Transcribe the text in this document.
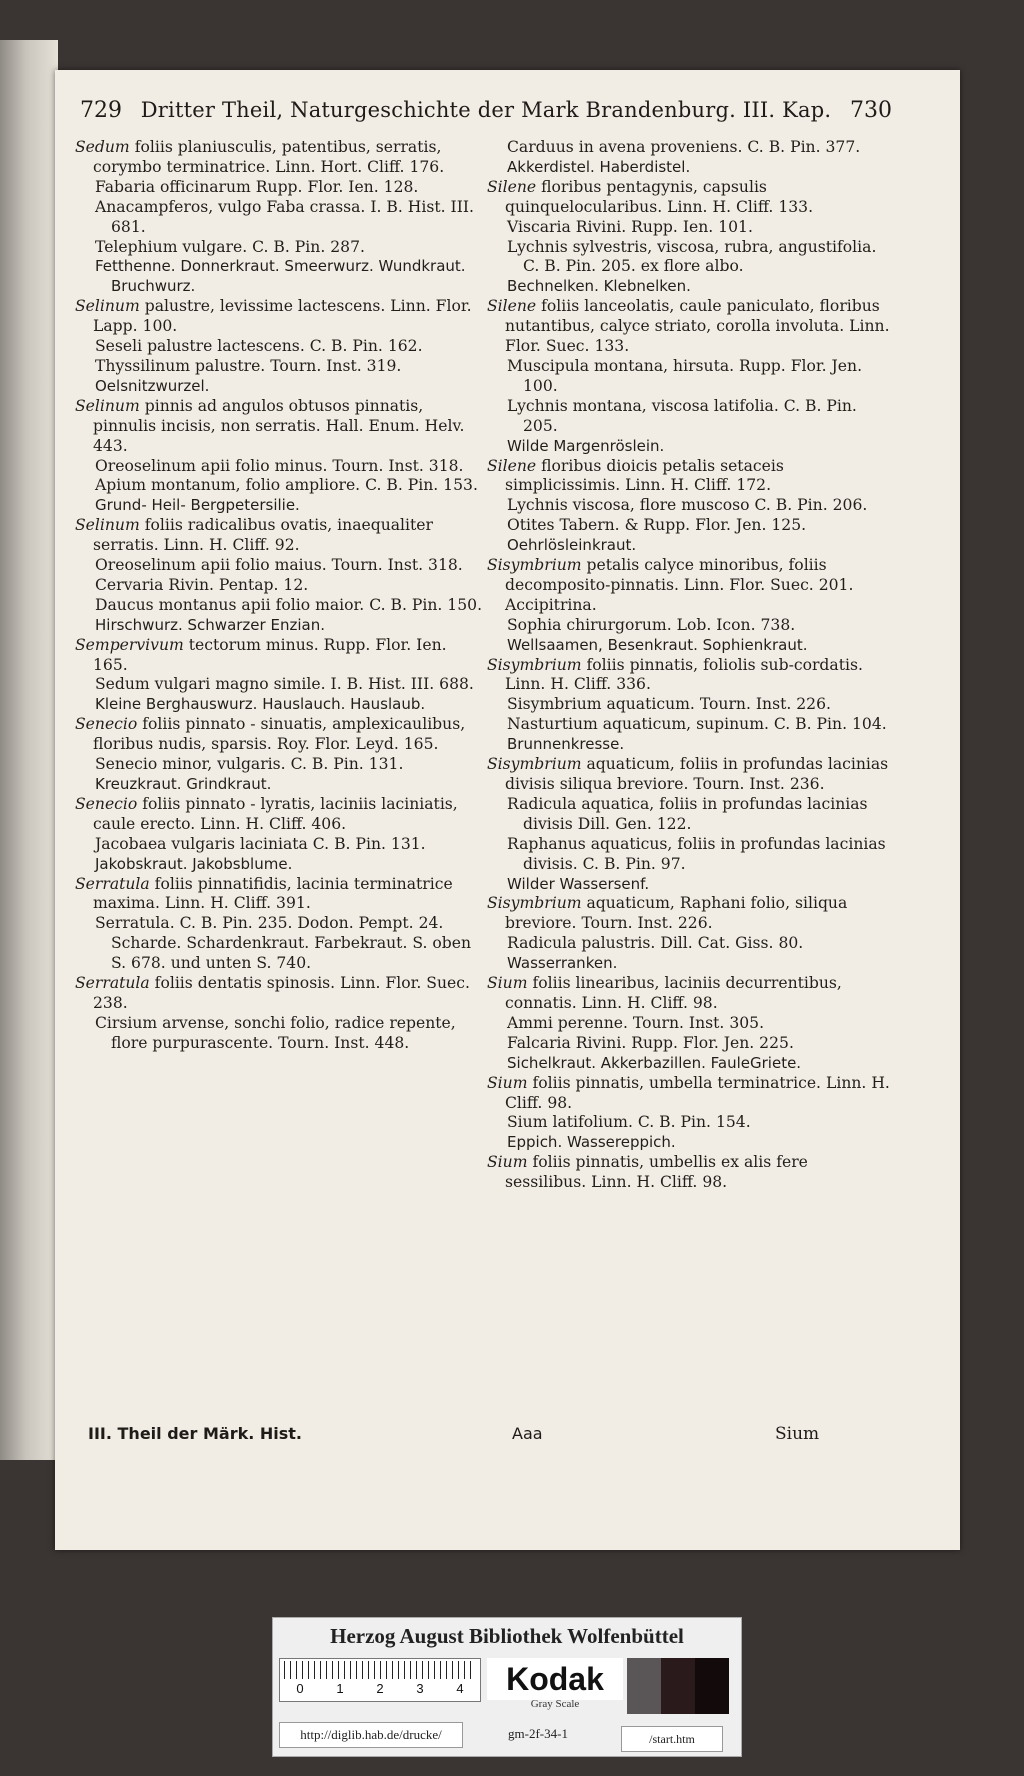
729 Dritter Theil, Naturgeschichte der Mark Brandenburg. III. Kap. 730

Sedum foliis planiusculis, patentibus, serratis, corymbo terminatrice. Linn. Hort. Cliff. 176.

Fabaria officinarum Rupp. Flor. Ien. 128.

Anacampferos, vulgo Faba crassa. I. B. Hist. III. 681.

Telephium vulgare. C. B. Pin. 287.

Fetthenne. Donnerkraut. Smeerwurz. Wundkraut. Bruchwurz.

Selinum palustre, levissime lactescens. Linn. Flor. Lapp. 100.

Seseli palustre lactescens. C. B. Pin. 162.

Thyssilinum palustre. Tourn. Inst. 319.

Oelsnitzwurzel.

Selinum pinnis ad angulos obtusos pinnatis, pinnulis incisis, non serratis. Hall. Enum. Helv. 443.

Oreoselinum apii folio minus. Tourn. Inst. 318.

Apium montanum, folio ampliore. C. B. Pin. 153.

Grund- Heil- Bergpetersilie.

Selinum foliis radicalibus ovatis, inaequaliter serratis. Linn. H. Cliff. 92.

Oreoselinum apii folio maius. Tourn. Inst. 318.

Cervaria Rivin. Pentap. 12.

Daucus montanus apii folio maior. C. B. Pin. 150.

Hirschwurz. Schwarzer Enzian.

Sempervivum tectorum minus. Rupp. Flor. Ien. 165.

Sedum vulgari magno simile. I. B. Hist. III. 688.

Kleine Berghauswurz. Hauslauch. Hauslaub.

Senecio foliis pinnato - sinuatis, amplexicaulibus, floribus nudis, sparsis. Roy. Flor. Leyd. 165.

Senecio minor, vulgaris. C. B. Pin. 131.

Kreuzkraut. Grindkraut.

Senecio foliis pinnato - lyratis, laciniis laciniatis, caule erecto. Linn. H. Cliff. 406.

Jacobaea vulgaris laciniata C. B. Pin. 131.

Jakobskraut. Jakobsblume.

Serratula foliis pinnatifidis, lacinia terminatrice maxima. Linn. H. Cliff. 391.

Serratula. C. B. Pin. 235. Dodon. Pempt. 24. Scharde. Schardenkraut. Farbekraut. S. oben S. 678. und unten S. 740.

Serratula foliis dentatis spinosis. Linn. Flor. Suec. 238.

Cirsium arvense, sonchi folio, radice repente, flore purpurascente. Tourn. Inst. 448.

Carduus in avena proveniens. C. B. Pin. 377.

Akkerdistel. Haberdistel.

Silene floribus pentagynis, capsulis quinquelocularibus. Linn. H. Cliff. 133.

Viscaria Rivini. Rupp. Ien. 101.

Lychnis sylvestris, viscosa, rubra, angustifolia. C. B. Pin. 205. ex flore albo.

Bechnelken. Klebnelken.

Silene foliis lanceolatis, caule paniculato, floribus nutantibus, calyce striato, corolla involuta. Linn. Flor. Suec. 133.

Muscipula montana, hirsuta. Rupp. Flor. Jen. 100.

Lychnis montana, viscosa latifolia. C. B. Pin. 205.

Wilde Margenröslein.

Silene floribus dioicis petalis setaceis simplicissimis. Linn. H. Cliff. 172.

Lychnis viscosa, flore muscoso C. B. Pin. 206.

Otites Tabern. & Rupp. Flor. Jen. 125.

Oehrlösleinkraut.

Sisymbrium petalis calyce minoribus, foliis decomposito-pinnatis. Linn. Flor. Suec. 201. Accipitrina.

Sophia chirurgorum. Lob. Icon. 738.

Wellsaamen, Besenkraut. Sophienkraut.

Sisymbrium foliis pinnatis, foliolis sub-cordatis. Linn. H. Cliff. 336.

Sisymbrium aquaticum. Tourn. Inst. 226.

Nasturtium aquaticum, supinum. C. B. Pin. 104.

Brunnenkresse.

Sisymbrium aquaticum, foliis in profundas lacinias divisis siliqua breviore. Tourn. Inst. 236.

Radicula aquatica, foliis in profundas lacinias divisis Dill. Gen. 122.

Raphanus aquaticus, foliis in profundas lacinias divisis. C. B. Pin. 97.

Wilder Wassersenf.

Sisymbrium aquaticum, Raphani folio, siliqua breviore. Tourn. Inst. 226.

Radicula palustris. Dill. Cat. Giss. 80.

Wasserranken.

Sium foliis linearibus, laciniis decurrentibus, connatis. Linn. H. Cliff. 98.

Ammi perenne. Tourn. Inst. 305.

Falcaria Rivini. Rupp. Flor. Jen. 225.

Sichelkraut. Akkerbazillen. FauleGriete.

Sium foliis pinnatis, umbella terminatrice. Linn. H. Cliff. 98.

Sium latifolium. C. B. Pin. 154.

Eppich. Wassereppich.

Sium foliis pinnatis, umbellis ex alis fere sessilibus. Linn. H. Cliff. 98.

III. Theil der Märk. Hist.	Aaa	Sium
Herzog August Bibliothek Wolfenbüttel
0	1	2	3	4	Kodak
Gray Scale
http://diglib.hab.de/drucke/	gm-2f-34-1	/start.htm
